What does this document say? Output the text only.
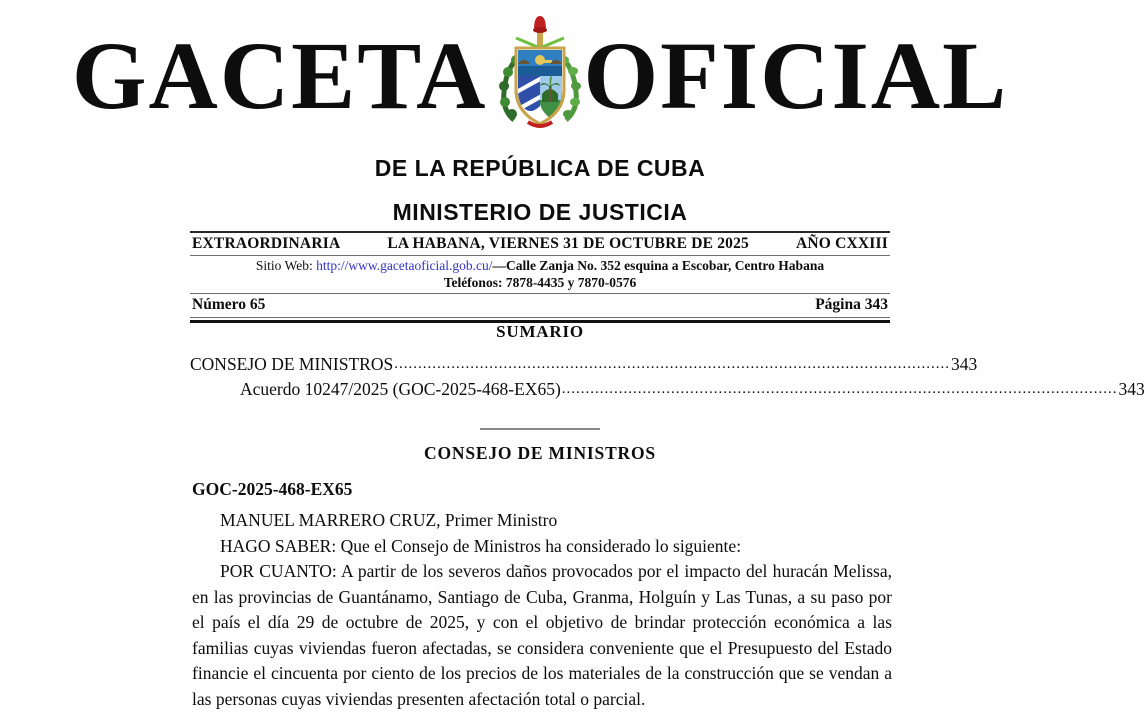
GACETA OFICIAL
DE LA REPÚBLICA DE CUBA
MINISTERIO DE JUSTICIA
EXTRAORDINARIA	LA HABANA, VIERNES 31 DE OCTUBRE DE 2025	AÑO CXXIII
Sitio Web: http://www.gacetaoficial.gob.cu/—Calle Zanja No. 352 esquina a Escobar, Centro Habana
Teléfonos: 7878-4435 y 7870-0576
Número 65	Página 343
SUMARIO
CONSEJO DE MINISTROS ..................................................................................................................... 343
Acuerdo 10247/2025 (GOC-2025-468-EX65) ..................................................................................................................... 343
CONSEJO DE MINISTROS
GOC-2025-468-EX65

MANUEL MARRERO CRUZ, Primer Ministro

HAGO SABER: Que el Consejo de Ministros ha considerado lo siguiente:

POR CUANTO: A partir de los severos daños provocados por el impacto del huracán Melissa, en las provincias de Guantánamo, Santiago de Cuba, Granma, Holguín y Las Tunas, a su paso por el país el día 29 de octubre de 2025, y con el objetivo de brindar protección económica a las familias cuyas viviendas fueron afectadas, se considera conveniente que el Presupuesto del Estado financie el cincuenta por ciento de los precios de los materiales de la construcción que se vendan a las personas cuyas viviendas presenten afectación total o parcial.
